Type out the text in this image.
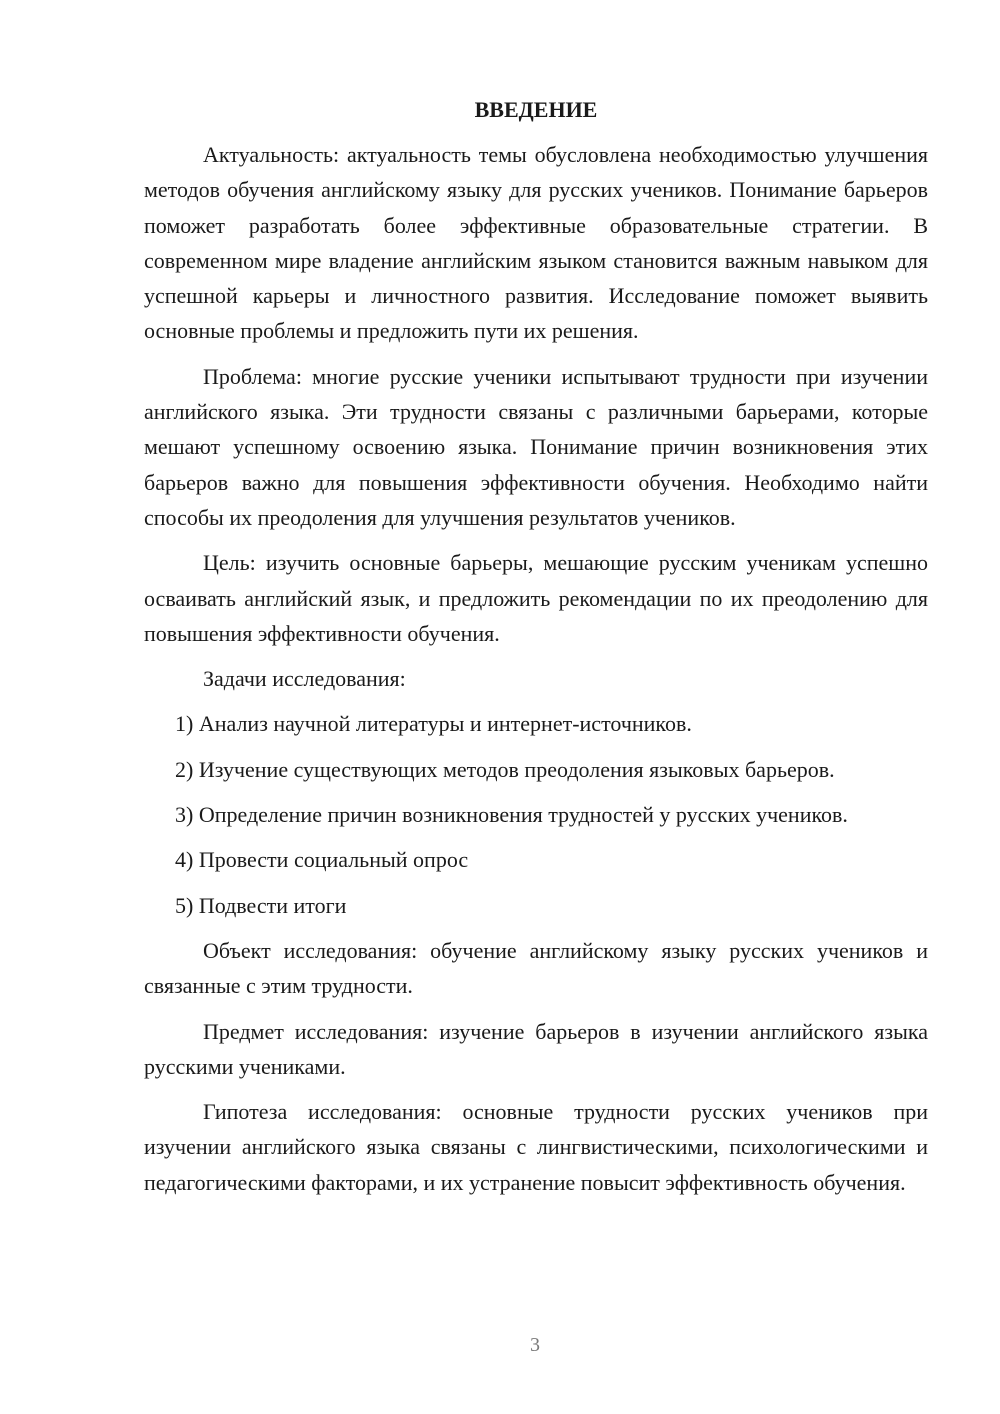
ВВЕДЕНИЕ

Актуальность: актуальность темы обусловлена необходимостью улучшения методов обучения английскому языку для русских учеников. Понимание барьеров поможет разработать более эффективные образовательные стратегии. В современном мире владение английским языком становится важным навыком для успешной карьеры и личностного развития. Исследование поможет выявить основные проблемы и предложить пути их решения.

Проблема: многие русские ученики испытывают трудности при изучении английского языка. Эти трудности связаны с различными барьерами, которые мешают успешному освоению языка. Понимание причин возникновения этих барьеров важно для повышения эффективности обучения. Необходимо найти способы их преодоления для улучшения результатов учеников.

Цель: изучить основные барьеры, мешающие русским ученикам успешно осваивать английский язык, и предложить рекомендации по их преодолению для повышения эффективности обучения.

Задачи исследования:

1) Анализ научной литературы и интернет-источников.
2) Изучение существующих методов преодоления языковых барьеров.
3) Определение причин возникновения трудностей у русских учеников.
4) Провести социальный опрос
5) Подвести итоги

Объект исследования: обучение английскому языку русских учеников и связанные с этим трудности.

Предмет исследования: изучение барьеров в изучении английского языка русскими учениками.

Гипотеза исследования: основные трудности русских учеников при изучении английского языка связаны с лингвистическими, психологическими и педагогическими факторами, и их устранение повысит эффективность обучения.

3
